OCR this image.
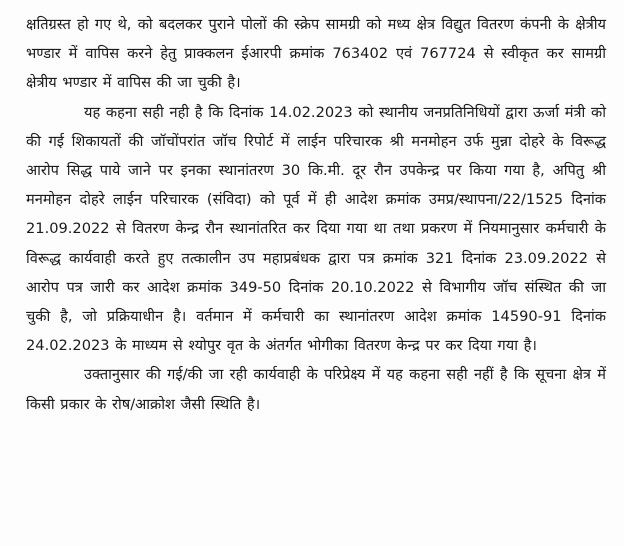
क्षतिग्रस्त हो गए थे, को बदलकर पुराने पोलों की स्क्रेप सामग्री को मध्य क्षेत्र विद्युत वितरण कंपनी के क्षेत्रीय भण्डार में वापिस करने हेतु प्राक्कलन ईआरपी क्रमांक 763402 एवं 767724 से स्वीकृत कर सामग्री क्षेत्रीय भण्डार में वापिस की जा चुकी है।

यह कहना सही नही है कि दिनांक 14.02.2023 को स्थानीय जनप्रतिनिधियों द्वारा ऊर्जा मंत्री को की गई शिकायतों की जॉचोंपरांत जॉच रिपोर्ट में लाईन परिचारक श्री मनमोहन उर्फ मुन्ना दोहरे के विरूद्ध आरोप सिद्ध पाये जाने पर इनका स्थानांतरण 30 कि.मी. दूर रौन उपकेन्द्र पर किया गया है, अपितु श्री मनमोहन दोहरे लाईन परिचारक (संविदा) को पूर्व में ही आदेश क्रमांक उमप्र/स्थापना/22/1525 दिनांक 21.09.2022 से वितरण केन्द्र रौन स्थानांतरित कर दिया गया था तथा प्रकरण में नियमानुसार कर्मचारी के विरूद्ध कार्यवाही करते हुए तत्कालीन उप महाप्रबंधक द्वारा पत्र क्रमांक 321 दिनांक 23.09.2022 से आरोप पत्र जारी कर आदेश क्रमांक 349-50 दिनांक 20.10.2022 से विभागीय जॉच संस्थित की जा चुकी है, जो प्रक्रियाधीन है। वर्तमान में कर्मचारी का स्थानांतरण आदेश क्रमांक 14590-91 दिनांक 24.02.2023 के माध्यम से श्योपुर वृत के अंतर्गत भोगीका वितरण केन्द्र पर कर दिया गया है।

उक्तानुसार की गई/की जा रही कार्यवाही के परिप्रेक्ष्य में यह कहना सही नहीं है कि सूचना क्षेत्र में किसी प्रकार के रोष/आक्रोश जैसी स्थिति है।
